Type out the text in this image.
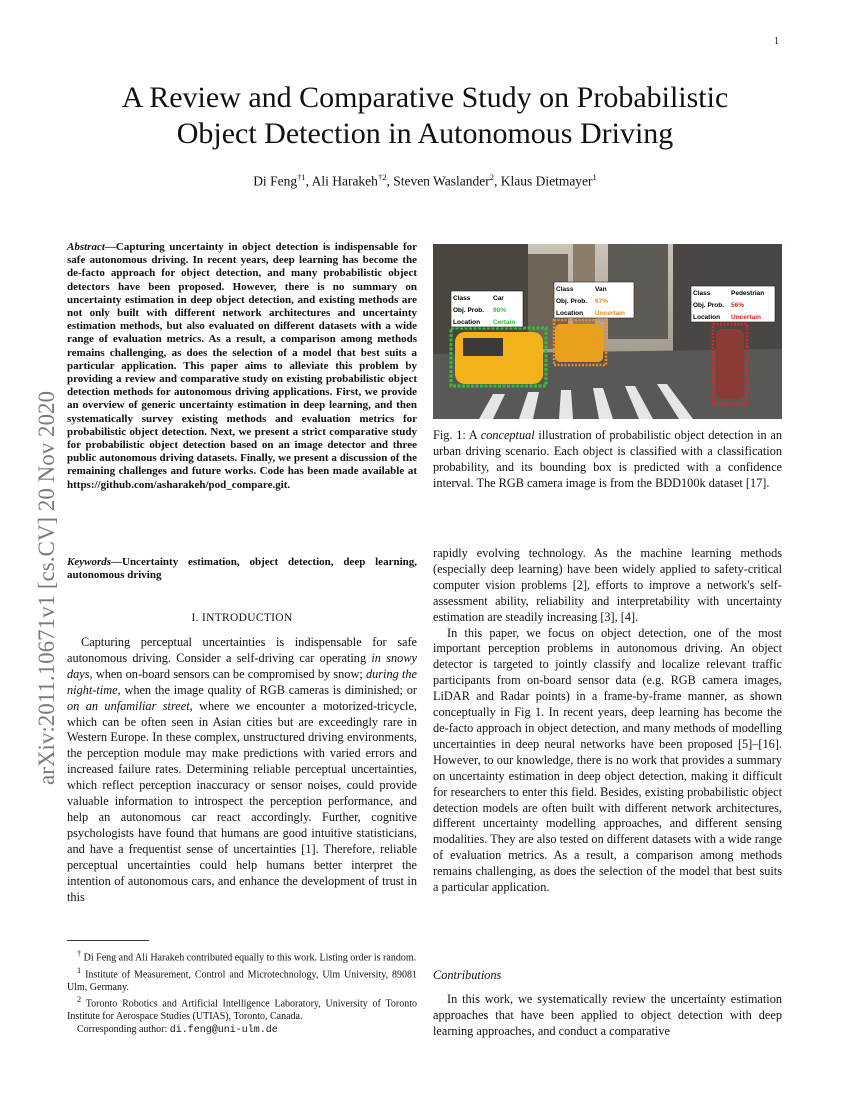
1
arXiv:2011.10671v1 [cs.CV] 20 Nov 2020
A Review and Comparative Study on Probabilistic
Object Detection in Autonomous Driving
Di Feng$^{\dagger 1}$, Ali Harakeh$^{\dagger 2}$, Steven Waslander$^2$, Klaus Dietmayer$^1$
Abstract—Capturing uncertainty in object detection is indispensable for safe autonomous driving. In recent years, deep learning has become the de-facto approach for object detection, and many probabilistic object detectors have been proposed. However, there is no summary on uncertainty estimation in deep object detection, and existing methods are not only built with different network architectures and uncertainty estimation methods, but also evaluated on different datasets with a wide range of evaluation metrics. As a result, a comparison among methods remains challenging, as does the selection of a model that best suits a particular application. This paper aims to alleviate this problem by providing a review and comparative study on existing probabilistic object detection methods for autonomous driving applications. First, we provide an overview of generic uncertainty estimation in deep learning, and then systematically survey existing methods and evaluation metrics for probabilistic object detection. Next, we present a strict comparative study for probabilistic object detection based on an image detector and three public autonomous driving datasets. Finally, we present a discussion of the remaining challenges and future works. Code has been made available at https://github.com/asharakeh/pod_compare.git.
Keywords—Uncertainty estimation, object detection, deep learning, autonomous driving
I. INTRODUCTION

Capturing perceptual uncertainties is indispensable for safe autonomous driving. Consider a self-driving car operating in snowy days, when on-board sensors can be compromised by snow; during the night-time, when the image quality of RGB cameras is diminished; or on an unfamiliar street, where we encounter a motorized-tricycle, which can be often seen in Asian cities but are exceedingly rare in Western Europe. In these complex, unstructured driving environments, the perception module may make predictions with varied errors and increased failure rates. Determining reliable perceptual uncertainties, which reflect perception inaccuracy or sensor noises, could provide valuable information to introspect the perception performance, and help an autonomous car react accordingly. Further, cognitive psychologists have found that humans are good intuitive statisticians, and have a frequentist sense of uncertainties [1]. Therefore, reliable perceptual uncertainties could help humans better interpret the intention of autonomous cars, and enhance the development of trust in this

† Di Feng and Ali Harakeh contributed equally to this work. Listing order is random.

$^1$ Institute of Measurement, Control and Microtechnology, Ulm University, 89081 Ulm, Germany.

$^2$ Toronto Robotics and Artificial Intelligence Laboratory, University of Toronto Institute for Aerospace Studies (UTIAS), Toronto, Canada.

Corresponding author: di.feng@uni-ulm.de

Class
Obj. Prob.
Location
Car
98%
Certain
Class
Obj. Prob.
Location
Van
67%
Uncertain
Class
Obj. Prob.
Location
Pedestrian
56%
Uncertain
Fig. 1: A conceptual illustration of probabilistic object detection in an urban driving scenario. Each object is classified with a classification probability, and its bounding box is predicted with a confidence interval. The RGB camera image is from the BDD100k dataset [17].

rapidly evolving technology. As the machine learning methods (especially deep learning) have been widely applied to safety-critical computer vision problems [2], efforts to improve a network's self-assessment ability, reliability and interpretability with uncertainty estimation are steadily increasing [3], [4].

In this paper, we focus on object detection, one of the most important perception problems in autonomous driving. An object detector is targeted to jointly classify and localize relevant traffic participants from on-board sensor data (e.g. RGB camera images, LiDAR and Radar points) in a frame-by-frame manner, as shown conceptually in Fig 1. In recent years, deep learning has become the de-facto approach in object detection, and many methods of modelling uncertainties in deep neural networks have been proposed [5]–[16]. However, to our knowledge, there is no work that provides a summary on uncertainty estimation in deep object detection, making it difficult for researchers to enter this field. Besides, existing probabilistic object detection models are often built with different network architectures, different uncertainty modelling approaches, and different sensing modalities. They are also tested on different datasets with a wide range of evaluation metrics. As a result, a comparison among methods remains challenging, as does the selection of the model that best suits a particular application.

Contributions
In this work, we systematically review the uncertainty estimation approaches that have been applied to object detection with deep learning approaches, and conduct a comparative
